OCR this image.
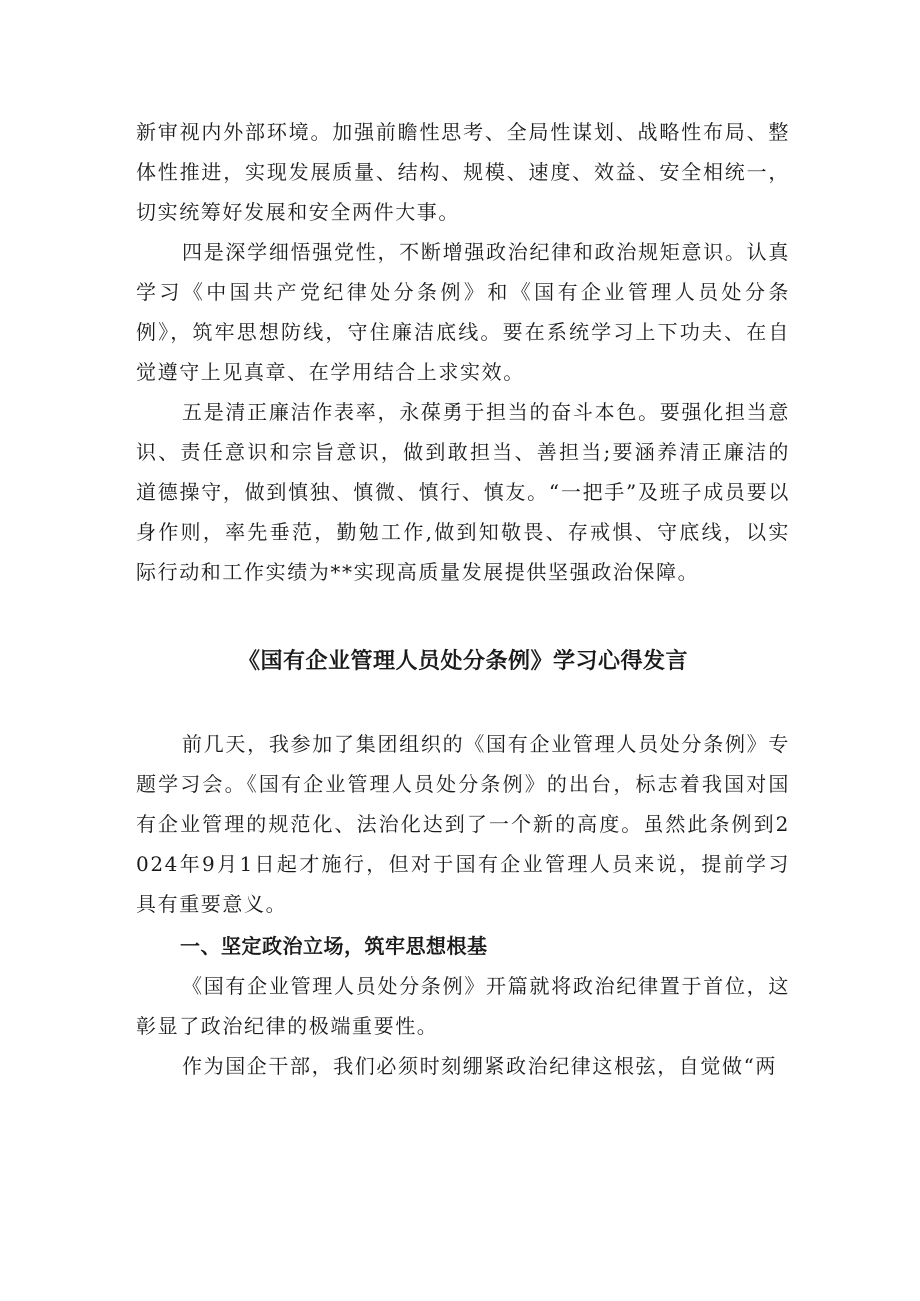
新审视内外部环境。加强前瞻性思考、全局性谋划、战略性布局、整体性推进，实现发展质量、结构、规模、速度、效益、安全相统一，切实统筹好发展和安全两件大事。

四是深学细悟强党性，不断增强政治纪律和政治规矩意识。认真学习《中国共产党纪律处分条例》和《国有企业管理人员处分条例》，筑牢思想防线，守住廉洁底线。要在系统学习上下功夫、在自觉遵守上见真章、在学用结合上求实效。

五是清正廉洁作表率，永葆勇于担当的奋斗本色。要强化担当意识、责任意识和宗旨意识，做到敢担当、善担当;要涵养清正廉洁的道德操守，做到慎独、慎微、慎行、慎友。“一把手”及班子成员要以身作则，率先垂范，勤勉工作,做到知敬畏、存戒惧、守底线，以实际行动和工作实绩为**实现高质量发展提供坚强政治保障。

《国有企业管理人员处分条例》学习心得发言

前几天，我参加了集团组织的《国有企业管理人员处分条例》专题学习会。《国有企业管理人员处分条例》的出台，标志着我国对国有企业管理的规范化、法治化达到了一个新的高度。虽然此条例到2024年9月1日起才施行，但对于国有企业管理人员来说，提前学习具有重要意义。

一、坚定政治立场，筑牢思想根基

《国有企业管理人员处分条例》开篇就将政治纪律置于首位，这彰显了政治纪律的极端重要性。

作为国企干部，我们必须时刻绷紧政治纪律这根弦，自觉做“两
